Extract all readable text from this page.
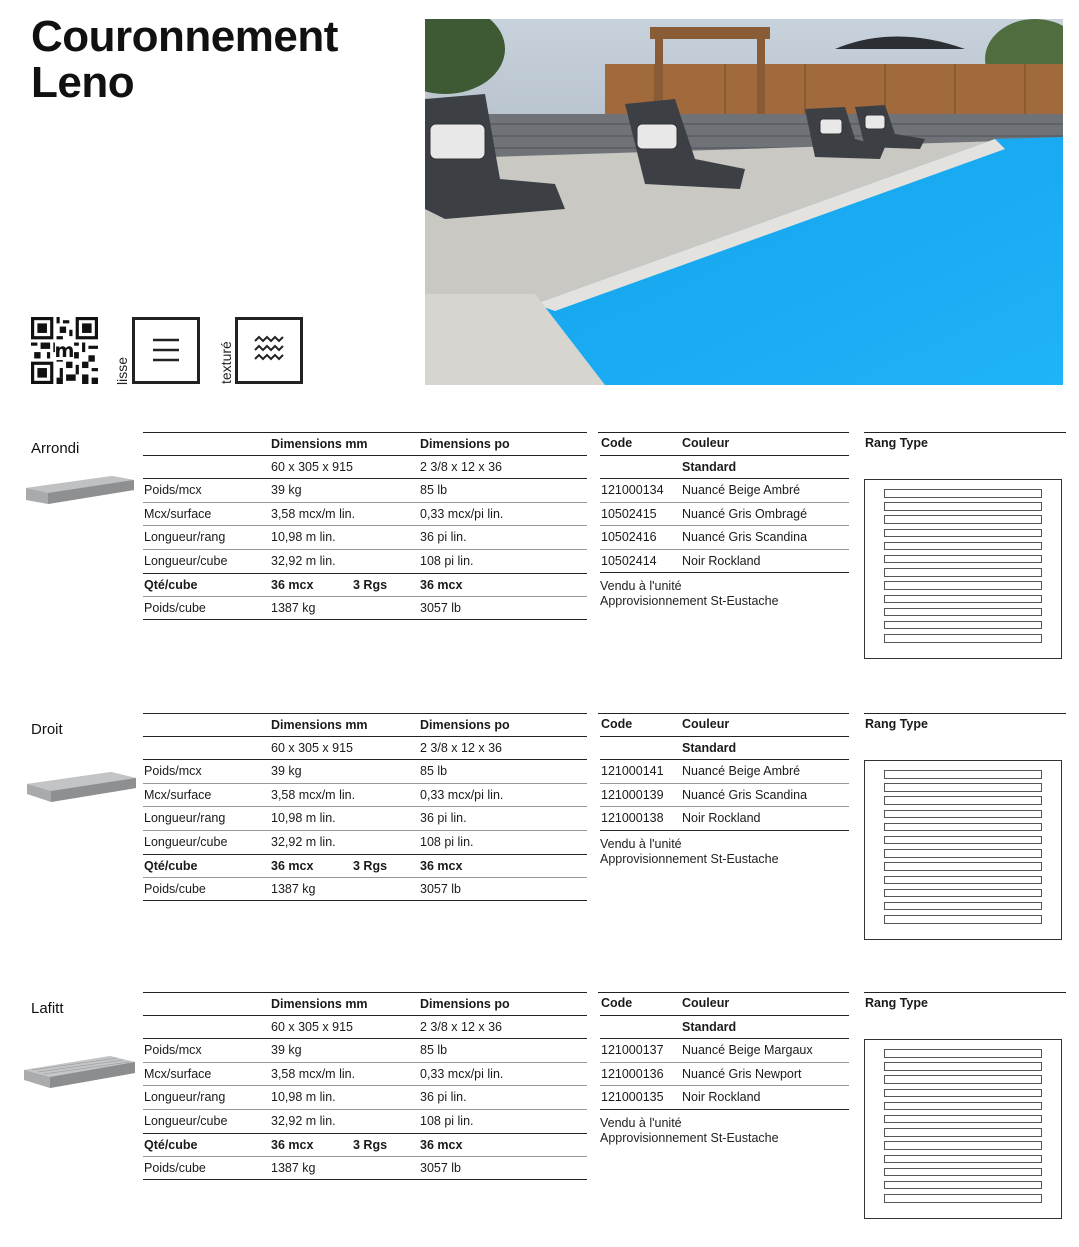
Couronnement
Leno
m
lisse	texturé
Arrondi	Dimensions mm	Dimensions po
60 x 305 x 915	2 3/8 x 12 x 36
Poids/mcx	39 kg	85 lb
Mcx/surface	3,58 mcx/m lin.	0,33 mcx/pi lin.
Longueur/rang	10,98 m lin.	36 pi lin.
Longueur/cube	32,92 m lin.	108 pi lin.
Qté/cube	36 mcx	3 Rgs	36 mcx
Poids/cube	1387 kg	3057 lb
Code	Couleur
Standard
121000134 Nuancé Beige Ambré
10502415 Nuancé Gris Ombragé
10502416 Nuancé Gris Scandina
10502414 Noir Rockland
Vendu à l'unité
Approvisionnement St-Eustache
Rang Type
Droit	Dimensions mm	Dimensions po
60 x 305 x 915	2 3/8 x 12 x 36
Poids/mcx	39 kg	85 lb
Mcx/surface	3,58 mcx/m lin.	0,33 mcx/pi lin.
Longueur/rang	10,98 m lin.	36 pi lin.
Longueur/cube	32,92 m lin.	108 pi lin.
Qté/cube	36 mcx	3 Rgs	36 mcx
Poids/cube	1387 kg	3057 lb
Code	Couleur
Standard
121000141 Nuancé Beige Ambré
121000139 Nuancé Gris Scandina
121000138 Noir Rockland
Vendu à l'unité
Approvisionnement St-Eustache
Rang Type
Lafitt	Dimensions mm	Dimensions po
60 x 305 x 915	2 3/8 x 12 x 36
Poids/mcx	39 kg	85 lb
Mcx/surface	3,58 mcx/m lin.	0,33 mcx/pi lin.
Longueur/rang	10,98 m lin.	36 pi lin.
Longueur/cube	32,92 m lin.	108 pi lin.
Qté/cube	36 mcx	3 Rgs	36 mcx
Poids/cube	1387 kg	3057 lb
Code	Couleur
Standard
121000137 Nuancé Beige Margaux
121000136 Nuancé Gris Newport
121000135 Noir Rockland
Vendu à l'unité
Approvisionnement St-Eustache
Rang Type
